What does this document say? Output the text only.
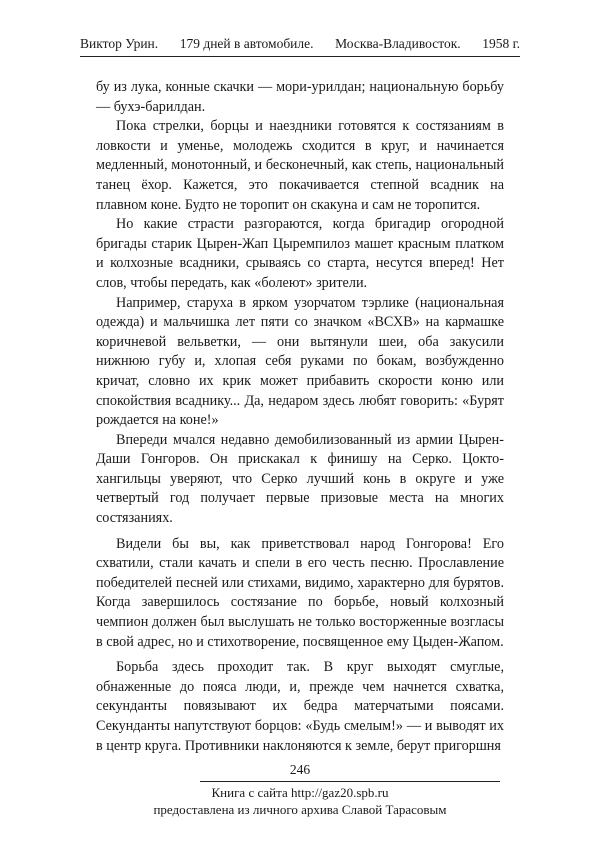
Виктор Урин. 179 дней в автомобиле. Москва-Владивосток. 1958 г.

бу из лука, конные скачки — мори-урилдан; национальную борьбу — бухэ-барилдан.

Пока стрелки, борцы и наездники готовятся к состязаниям в ловкости и уменье, молодежь сходится в круг, и начинается медленный, монотонный, и бесконечный, как степь, национальный танец ёхор. Кажется, это покачивается степной всадник на плавном коне. Будто не торопит он скакуна и сам не торопится.

Но какие страсти разгораются, когда бригадир огородной бригады старик Цырен-Жап Цыремпилоз машет красным платком и колхозные всадники, срываясь со старта, несутся вперед! Нет слов, чтобы передать, как «болеют» зрители.

Например, старуха в ярком узорчатом тэрлике (национальная одежда) и мальчишка лет пяти со значком «ВСХВ» на кармашке коричневой вельветки, — они вытянули шеи, оба закусили нижнюю губу и, хлопая себя руками по бокам, возбужденно кричат, словно их крик может прибавить скорости коню или спокойствия всаднику... Да, недаром здесь любят говорить: «Бурят рождается на коне!»

Впереди мчался недавно демобилизованный из армии Цырен-Даши Гонгоров. Он прискакал к финишу на Серко. Цокто-хангильцы уверяют, что Серко лучший конь в округе и уже четвертый год получает первые призовые места на многих состязаниях.

Видели бы вы, как приветствовал народ Гонгорова! Его схватили, стали качать и спели в его честь песню. Прославление победителей песней или стихами, видимо, характерно для бурятов. Когда завершилось состязание по борьбе, новый колхозный чемпион должен был выслушать не только восторженные возгласы в свой адрес, но и стихотворение, посвященное ему Цыден-Жапом.

Борьба здесь проходит так. В круг выходят смуглые, обнаженные до пояса люди, и, прежде чем начнется схватка, секунданты повязывают их бедра матерчатыми поясами. Секунданты напутствуют борцов: «Будь смелым!» — и выводят их в центр круга. Противники наклоняются к земле, берут пригоршня

246
Книга с сайта http://gaz20.spb.ru
предоставлена из личного архива Славой Тарасовым
